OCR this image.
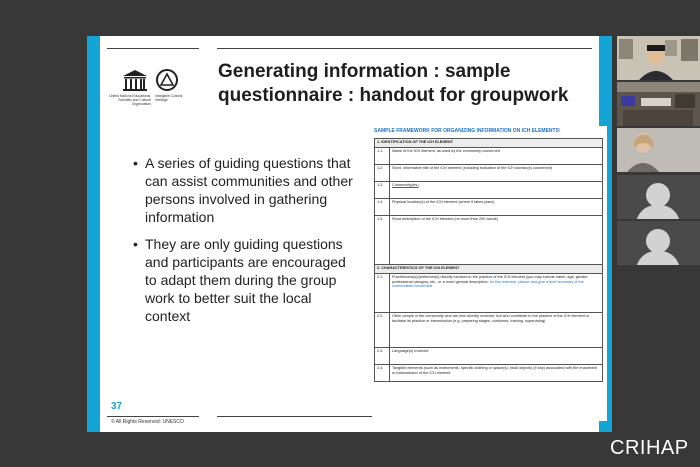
United Nations Educational, Scientific and Cultural Organization
Intangible Cultural Heritage
Generating information : sample questionnaire : handout for groupwork
• A series of guiding questions that can assist communities and other persons involved in gathering information
• They are only guiding questions and participants are encouraged to adapt them during the group work to better suit the local context
37
© All Rights Reserved: UNESCO
SAMPLE FRAMEWORK FOR ORGANIZING INFORMATION ON ICH ELEMENTS¹
1. IDENTIFICATION OF THE ICH ELEMENT	
1.1.	Name of the ICH element, as used by the community concerned
1.2.	Short, informative title of the ICH element (including indication of the ICH domain(s) concerned)
1.3.	Community(ies)
1.4.	Physical location(s) of the ICH element (where it takes place)
1.5.	Short description of the ICH element (no more than 200 words)
2. CHARACTERISTICS OF THE ICH ELEMENT	
2.1.	Practitioners(s)/performer(s) directly involved in the practice of the ICH element (you may include name, age, gender, professional category, etc., or a more general description: for this exercise, please and give a brief summary of the communities concerned
2.2.	Other people in the community who are less directly involved, but who contribute to the practice of the ICH element or facilitate its practice or transmission (e.g. preparing stages, costumes, training, supervising)
2.3.	Language(s) involved
2.4.	Tangible elements (such as instruments, specific clothing or space(s), ritual objects) (if any) associated with the enactment or transmission of the ICH element
CRIHAP
